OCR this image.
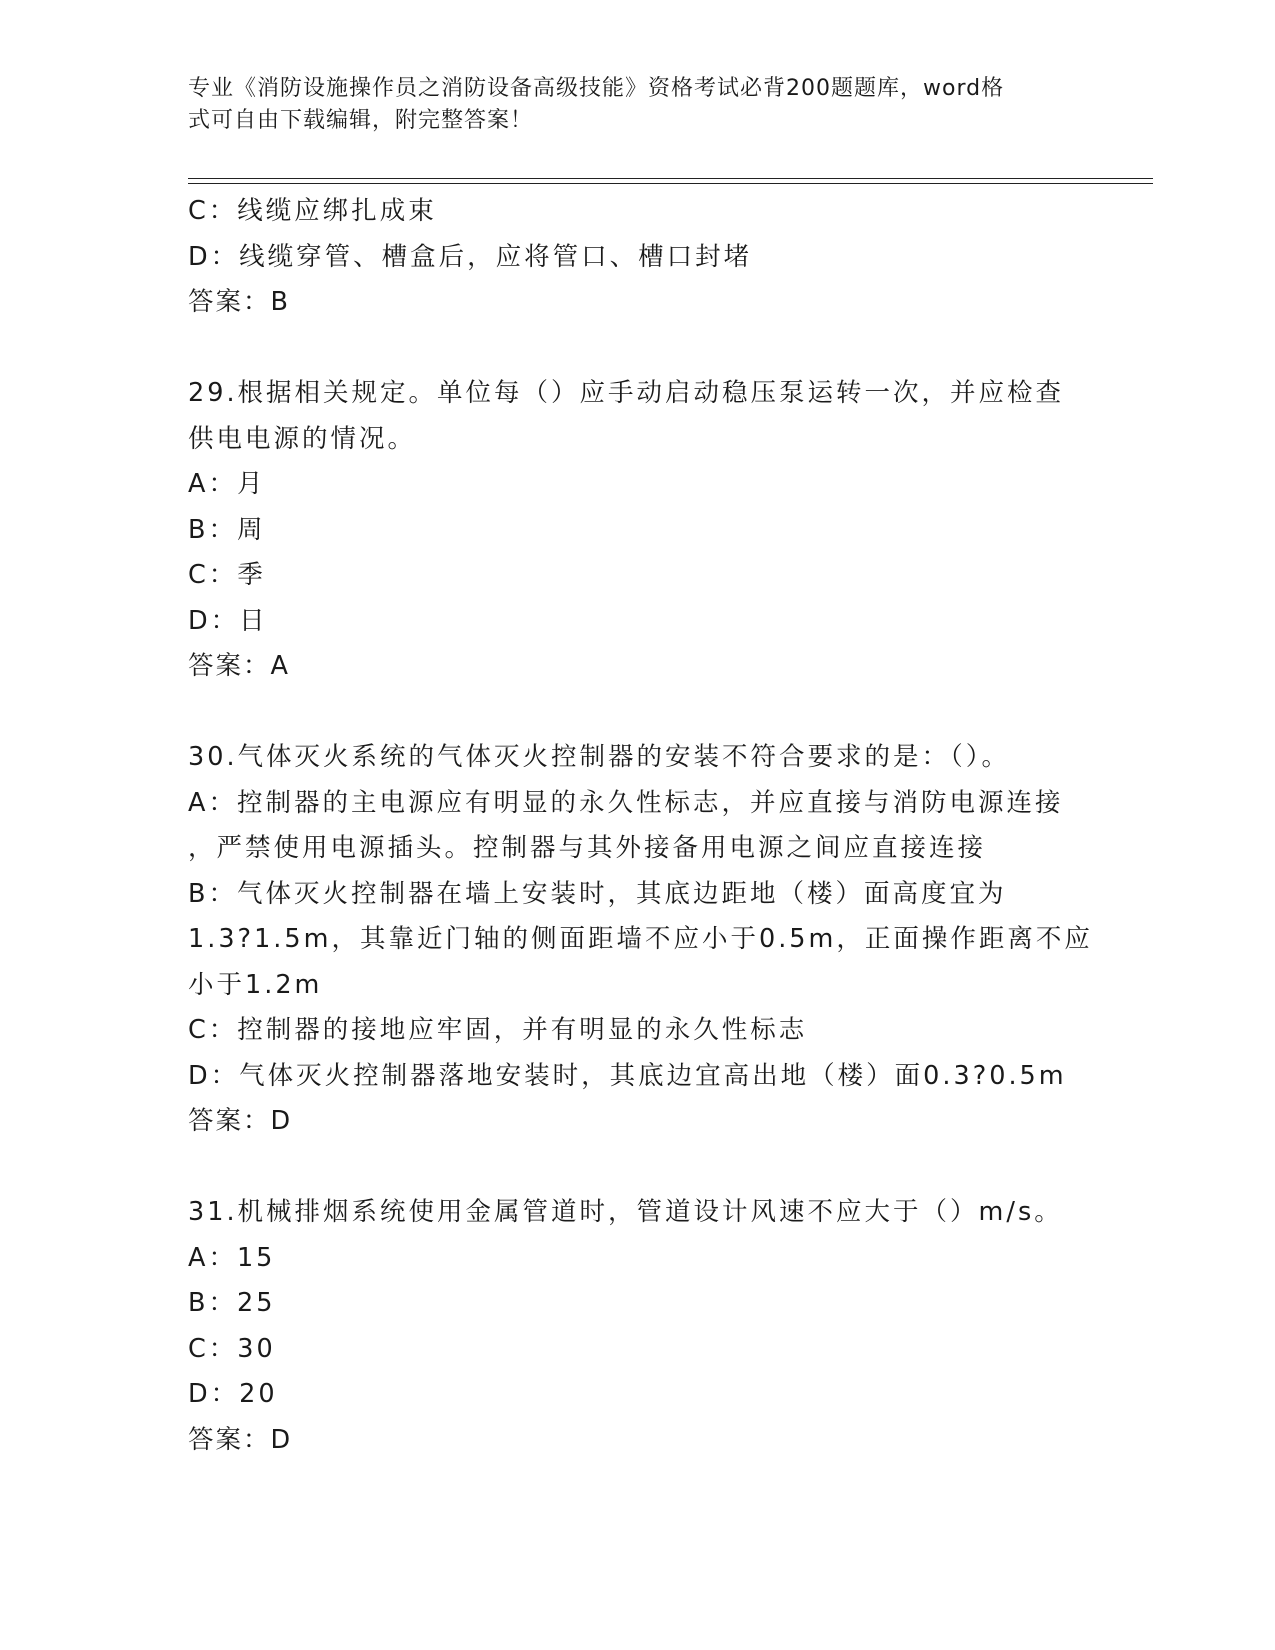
专业《消防设施操作员之消防设备高级技能》资格考试必背200题题库，word格
式可自由下载编辑，附完整答案！
C：线缆应绑扎成束
D：线缆穿管、槽盒后，应将管口、槽口封堵
答案：B
29.根据相关规定。单位每（）应手动启动稳压泵运转一次，并应检查
供电电源的情况。
A：月
B：周
C：季
D：日
答案：A
30.气体灭火系统的气体灭火控制器的安装不符合要求的是：（）。
A：控制器的主电源应有明显的永久性标志，并应直接与消防电源连接
，严禁使用电源插头。控制器与其外接备用电源之间应直接连接
B：气体灭火控制器在墙上安装时，其底边距地（楼）面高度宜为
1.3?1.5m，其靠近门轴的侧面距墙不应小于0.5m，正面操作距离不应
小于1.2m
C：控制器的接地应牢固，并有明显的永久性标志
D：气体灭火控制器落地安装时，其底边宜高出地（楼）面0.3?0.5m
答案：D
31.机械排烟系统使用金属管道时，管道设计风速不应大于（）m/s。
A：15
B：25
C：30
D：20
答案：D
